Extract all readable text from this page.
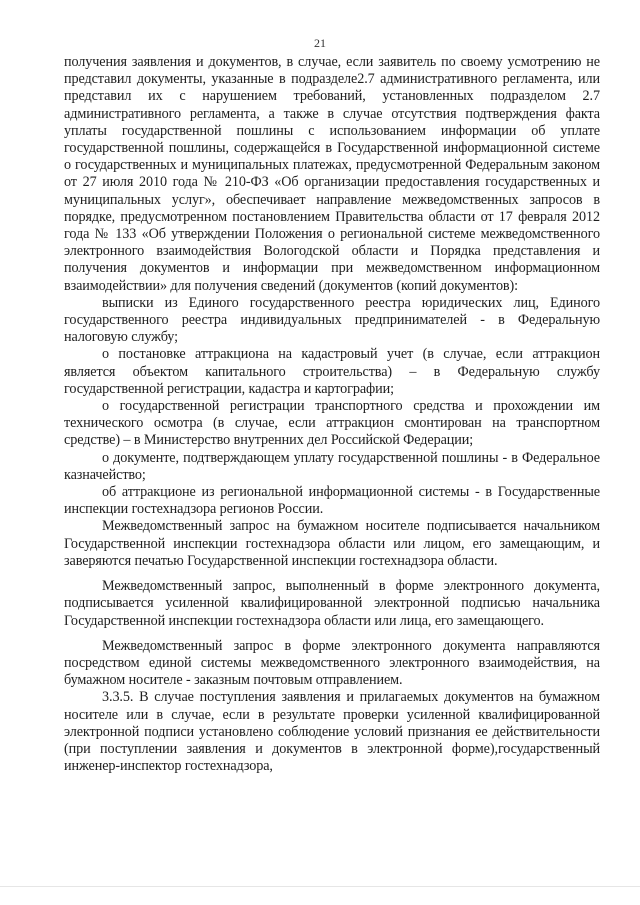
21

получения заявления и документов, в случае, если заявитель по своему усмотрению не представил документы, указанные в подразделе2.7 административного регламента, или представил их с нарушением требований, установленных подразделом 2.7 административного регламента, а также в случае отсутствия подтверждения факта уплаты государственной пошлины с использованием информации об уплате государственной пошлины, содержащейся в Государственной информационной системе о государственных и муниципальных платежах, предусмотренной Федеральным законом от 27 июля 2010 года № 210-ФЗ «Об организации предоставления государственных и муниципальных услуг», обеспечивает направление межведомственных запросов в порядке, предусмотренном постановлением Правительства области от 17 февраля 2012 года № 133 «Об утверждении Положения о региональной системе межведомственного электронного взаимодействия Вологодской области и Порядка представления и получения документов и информации при межведомственном информационном взаимодействии» для получения сведений (документов (копий документов):

выписки из Единого государственного реестра юридических лиц, Единого государственного реестра индивидуальных предпринимателей - в Федеральную налоговую службу;

о постановке аттракциона на кадастровый учет (в случае, если аттракцион является объектом капитального строительства) – в Федеральную службу государственной регистрации, кадастра и картографии;

о государственной регистрации транспортного средства и прохождении им технического осмотра (в случае, если аттракцион смонтирован на транспортном средстве) – в Министерство внутренних дел Российской Федерации;

о документе, подтверждающем уплату государственной пошлины - в Федеральное казначейство;

об аттракционе из региональной информационной системы - в Государственные инспекции гостехнадзора регионов России.

Межведомственный запрос на бумажном носителе подписывается начальником Государственной инспекции гостехнадзора области или лицом, его замещающим, и заверяются печатью Государственной инспекции гостехнадзора области.

Межведомственный запрос, выполненный в форме электронного документа, подписывается усиленной квалифицированной электронной подписью начальника Государственной инспекции гостехнадзора области или лица, его замещающего.

Межведомственный запрос в форме электронного документа направляются посредством единой системы межведомственного электронного взаимодействия, на бумажном носителе - заказным почтовым отправлением.

3.3.5. В случае поступления заявления и прилагаемых документов на бумажном носителе или в случае, если в результате проверки усиленной квалифицированной электронной подписи установлено соблюдение условий признания ее действительности (при поступлении заявления и документов в электронной форме),государственный инженер-инспектор гостехнадзора,
